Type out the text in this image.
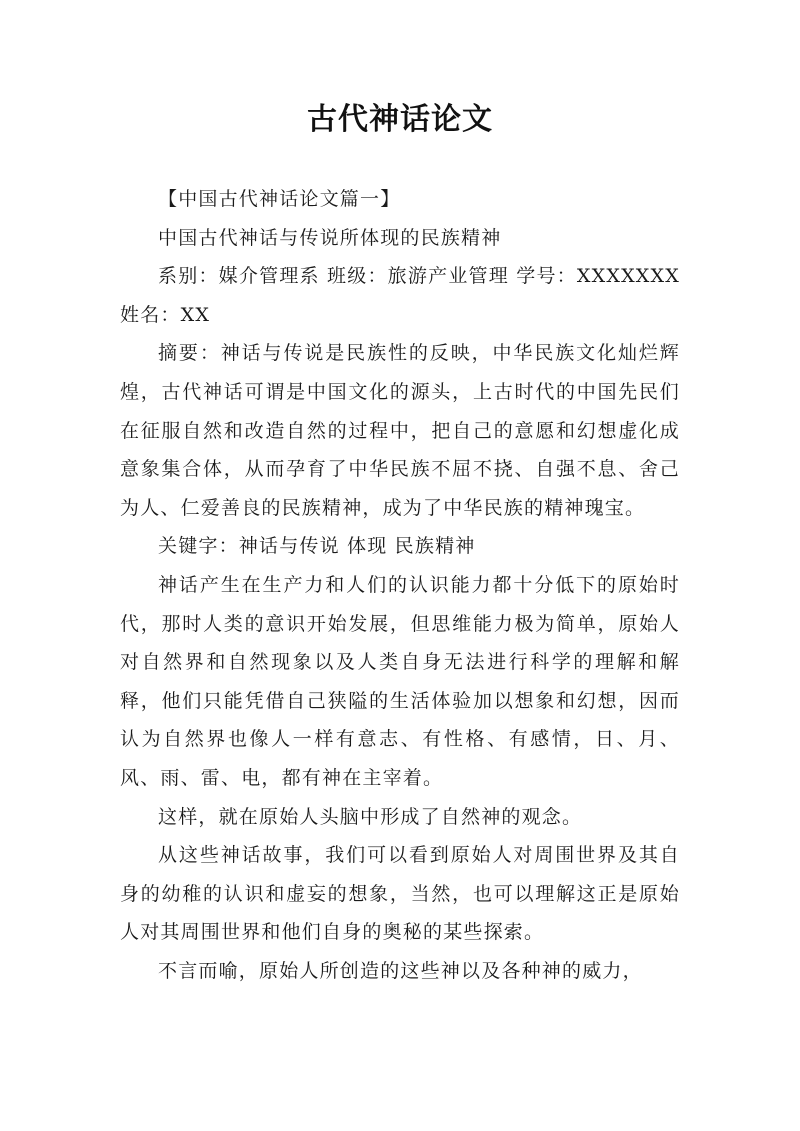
古代神话论文

【中国古代神话论文篇一】

中国古代神话与传说所体现的民族精神

系别：媒介管理系 班级：旅游产业管理 学号：XXXXXXX 姓名：XX

摘要：神话与传说是民族性的反映，中华民族文化灿烂辉煌，古代神话可谓是中国文化的源头，上古时代的中国先民们在征服自然和改造自然的过程中，把自己的意愿和幻想虚化成意象集合体，从而孕育了中华民族不屈不挠、自强不息、舍己为人、仁爱善良的民族精神，成为了中华民族的精神瑰宝。

关键字：神话与传说 体现 民族精神

神话产生在生产力和人们的认识能力都十分低下的原始时代，那时人类的意识开始发展，但思维能力极为简单，原始人对自然界和自然现象以及人类自身无法进行科学的理解和解释，他们只能凭借自己狭隘的生活体验加以想象和幻想，因而认为自然界也像人一样有意志、有性格、有感情，日、月、风、雨、雷、电，都有神在主宰着。

这样，就在原始人头脑中形成了自然神的观念。

从这些神话故事，我们可以看到原始人对周围世界及其自身的幼稚的认识和虚妄的想象，当然，也可以理解这正是原始人对其周围世界和他们自身的奥秘的某些探索。

不言而喻，原始人所创造的这些神以及各种神的威力，
